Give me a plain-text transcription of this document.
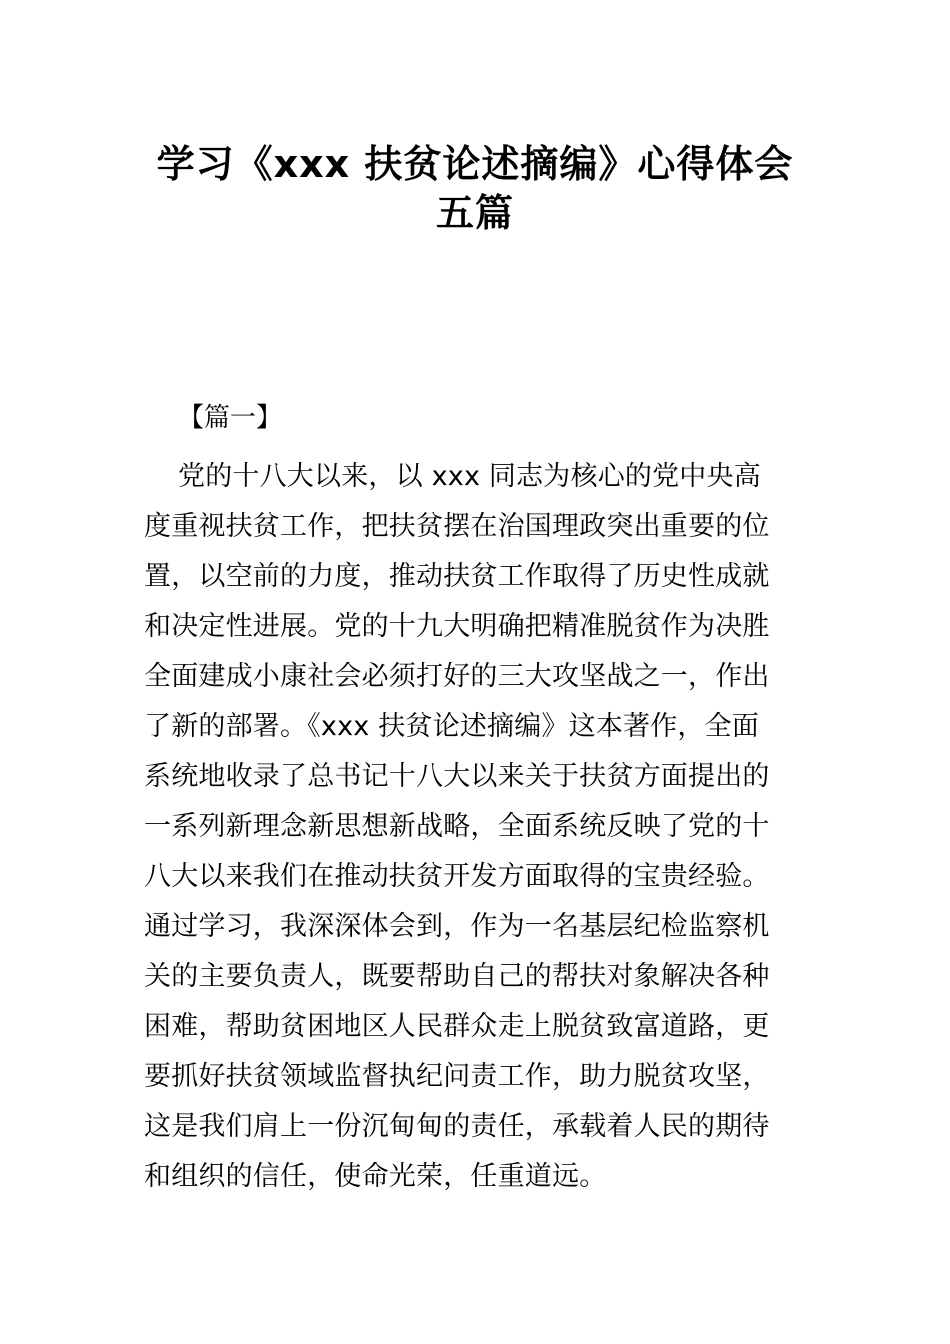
学习《xxx 扶贫论述摘编》心得体会
五篇
【篇一】
党的十八大以来，以 xxx 同志为核心的党中央高
度重视扶贫工作，把扶贫摆在治国理政突出重要的位
置，以空前的力度，推动扶贫工作取得了历史性成就
和决定性进展。党的十九大明确把精准脱贫作为决胜
全面建成小康社会必须打好的三大攻坚战之一，作出
了新的部署。《xxx 扶贫论述摘编》这本著作，全面
系统地收录了总书记十八大以来关于扶贫方面提出的
一系列新理念新思想新战略，全面系统反映了党的十
八大以来我们在推动扶贫开发方面取得的宝贵经验。
通过学习，我深深体会到，作为一名基层纪检监察机
关的主要负责人，既要帮助自己的帮扶对象解决各种
困难，帮助贫困地区人民群众走上脱贫致富道路，更
要抓好扶贫领域监督执纪问责工作，助力脱贫攻坚，
这是我们肩上一份沉甸甸的责任，承载着人民的期待
和组织的信任，使命光荣，任重道远。
